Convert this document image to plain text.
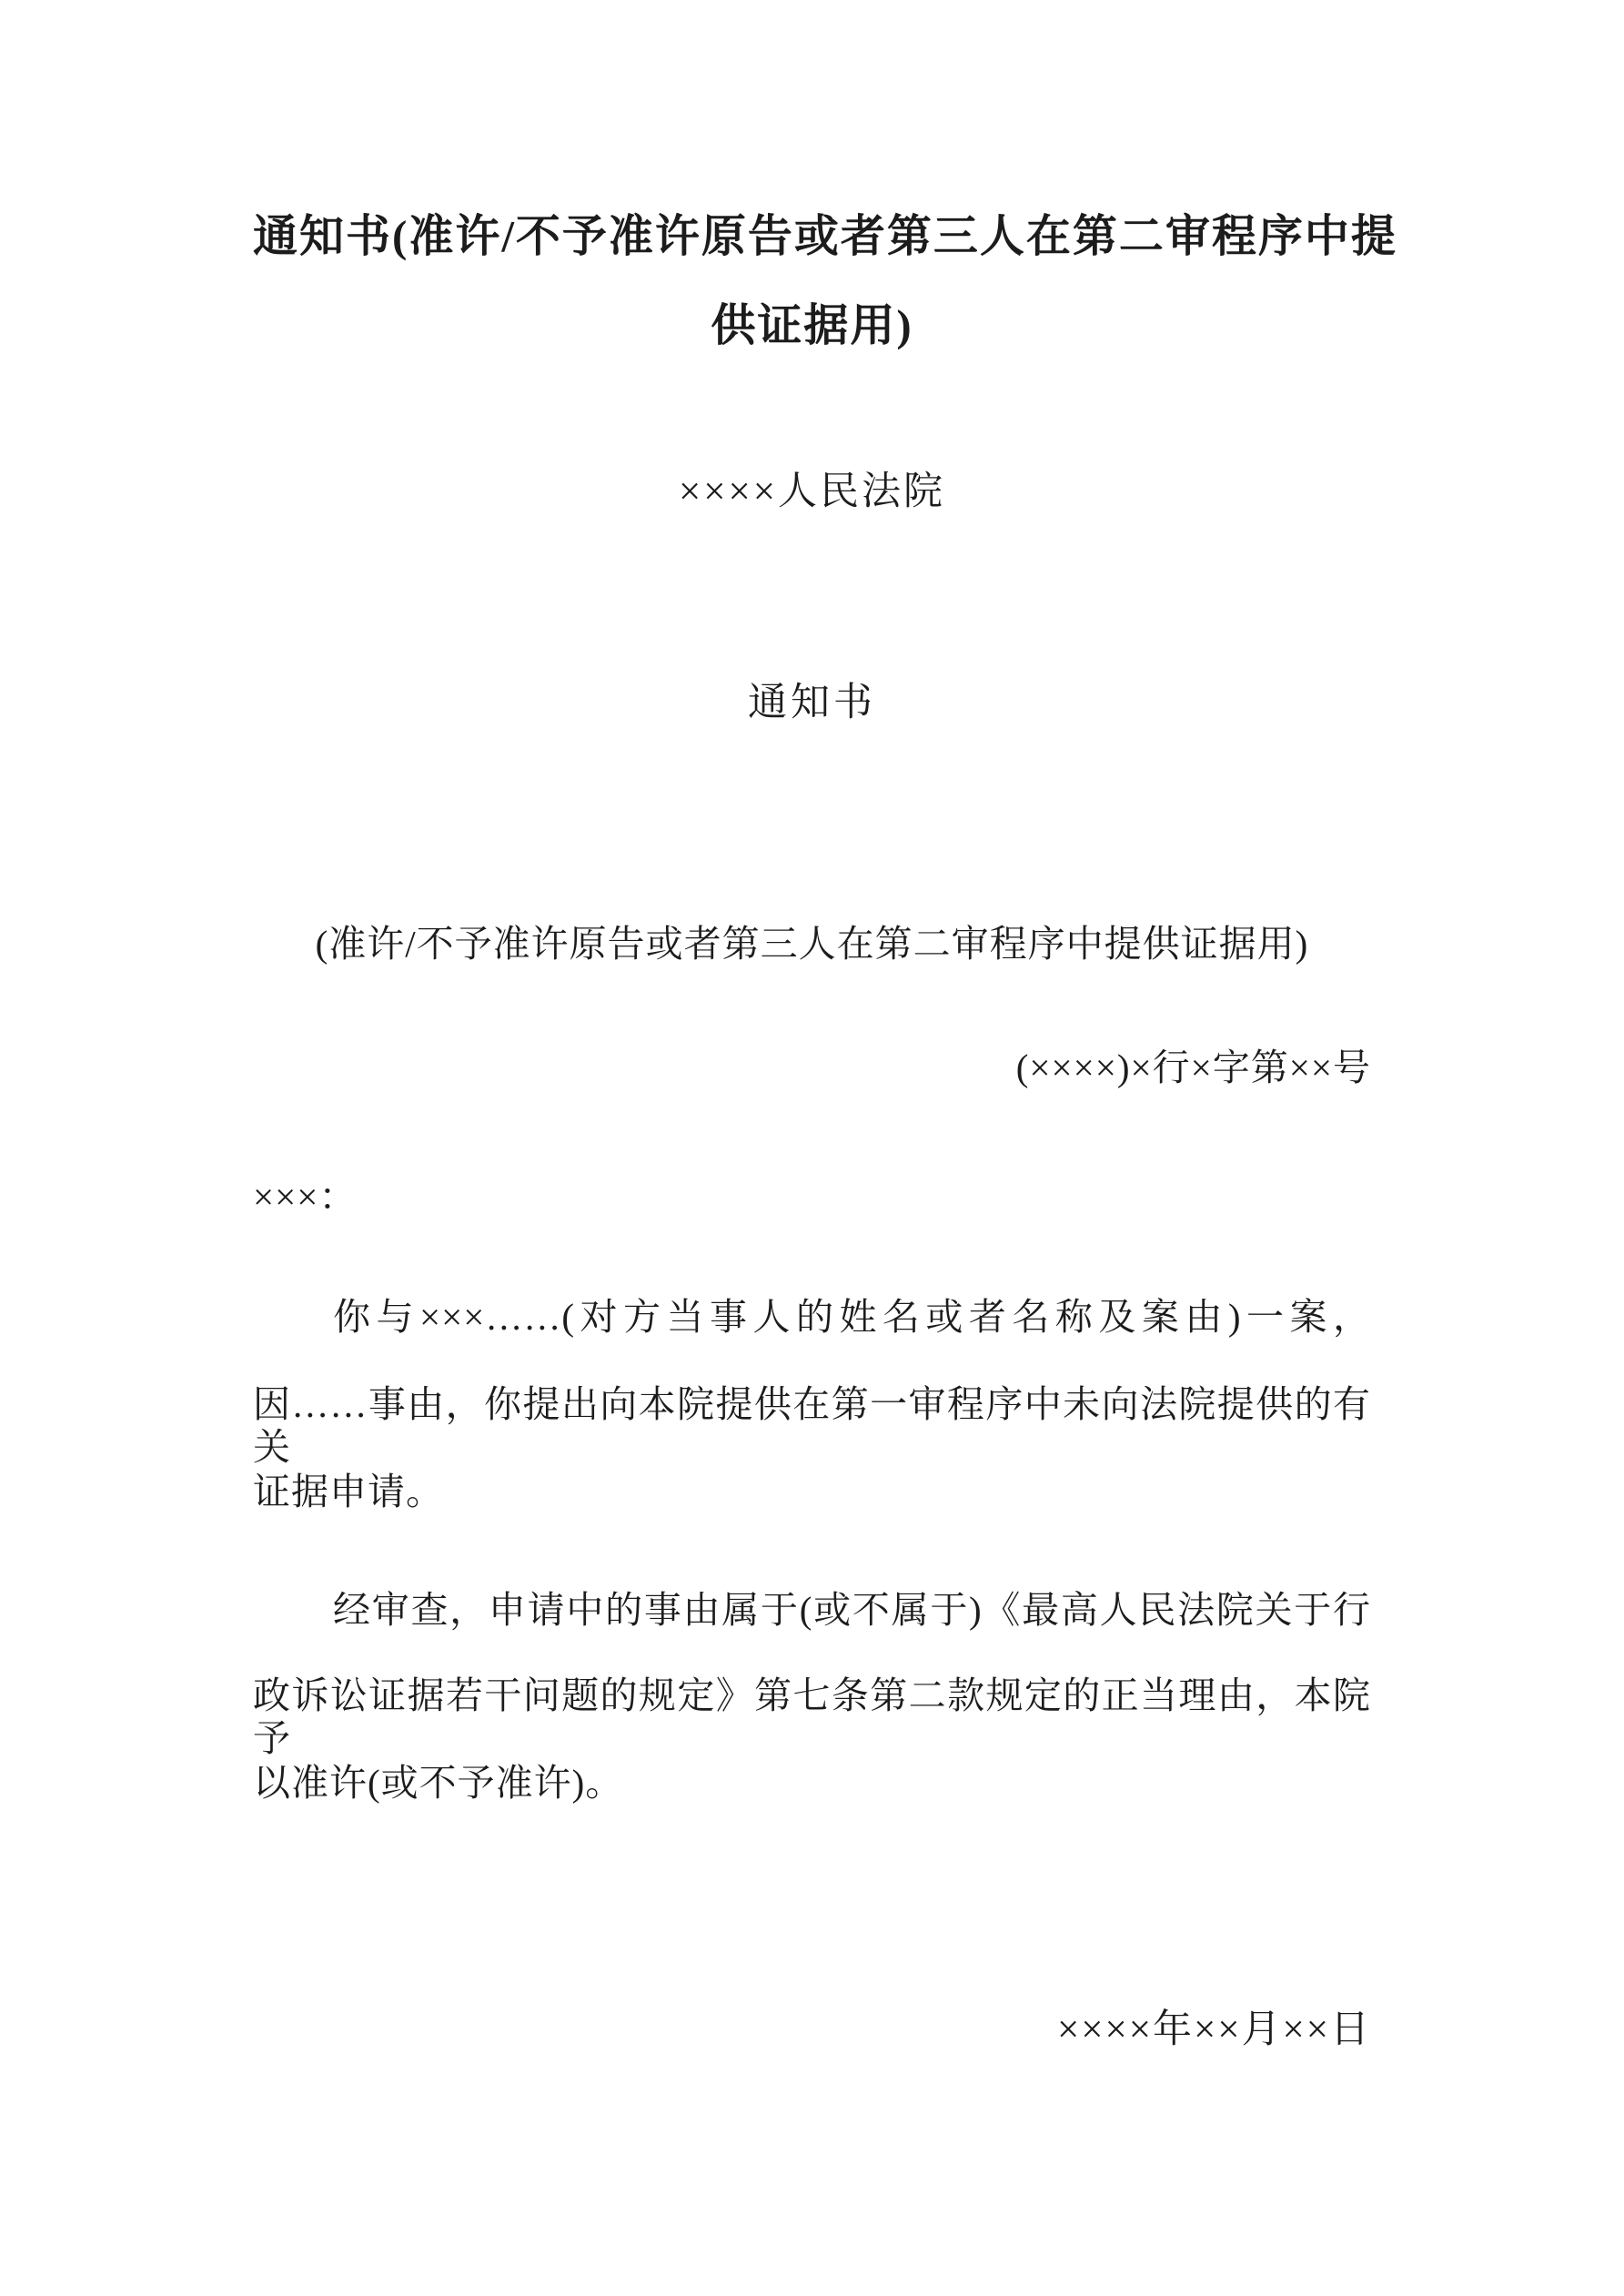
通知书(准许/不予准许原告或者第三人在第二审程序中提
供证据用)
××××人民法院
通知书
(准许/不予准许原告或者第三人在第二审程序中提供证据用)
(××××)×行×字第××号
×××：
你与×××……(对方当事人的姓名或者名称及案由)一案，
因……事由，你提出向本院提供在第一审程序中未向法院提供的有关
证据申请。
经审查，申请中的事由属于(或不属于)《最高人民法院关于行
政诉讼证据若干问题的规定》第七条第二款规定的正当理由，本院予
以准许(或不予准许)。
××××年××月××日
